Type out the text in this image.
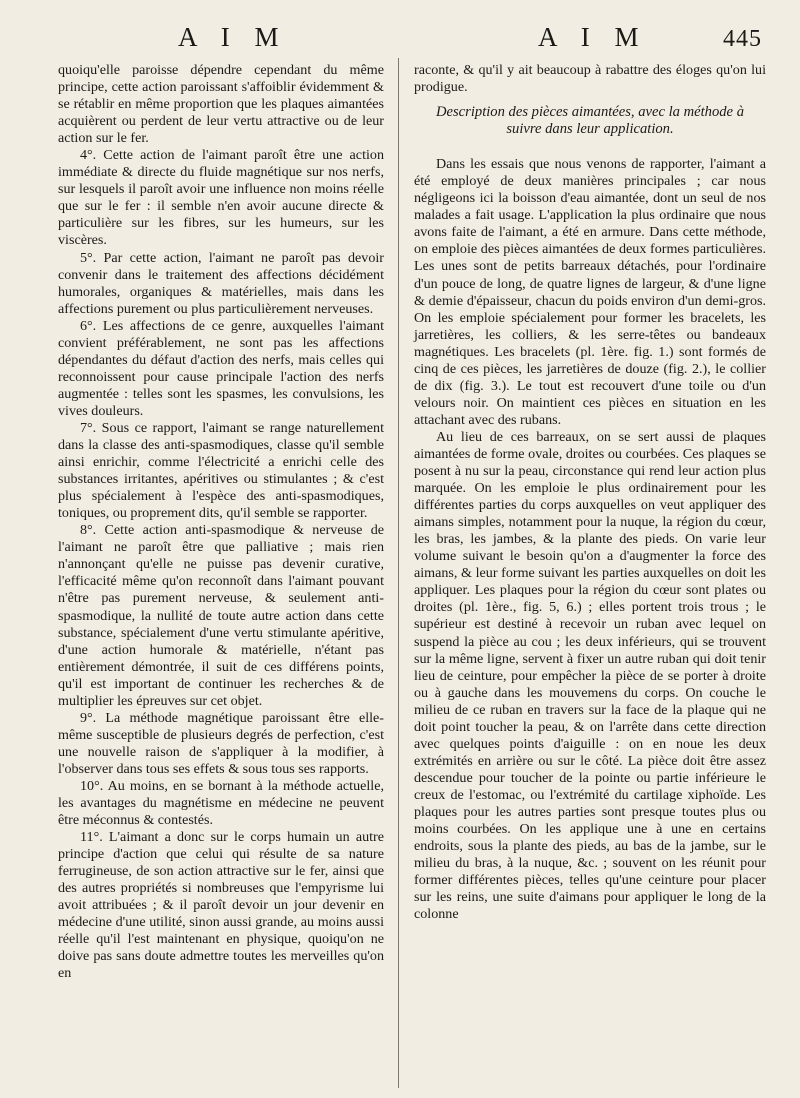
A I M	A I M	445

quoiqu'elle paroisse dépendre cependant du même principe, cette action paroissant s'affoiblir évidemment & se rétablir en même proportion que les plaques aimantées acquièrent ou perdent de leur vertu attractive ou de leur action sur le fer.

4°. Cette action de l'aimant paroît être une action immédiate & directe du fluide magnétique sur nos nerfs, sur lesquels il paroît avoir une influence non moins réelle que sur le fer : il semble n'en avoir aucune directe & particulière sur les fibres, sur les humeurs, sur les viscères.

5°. Par cette action, l'aimant ne paroît pas devoir convenir dans le traitement des affections décidément humorales, organiques & matérielles, mais dans les affections purement ou plus particulièrement nerveuses.

6°. Les affections de ce genre, auxquelles l'aimant convient préférablement, ne sont pas les affections dépendantes du défaut d'action des nerfs, mais celles qui reconnoissent pour cause principale l'action des nerfs augmentée : telles sont les spasmes, les convulsions, les vives douleurs.

7°. Sous ce rapport, l'aimant se range naturellement dans la classe des anti-spasmodiques, classe qu'il semble ainsi enrichir, comme l'électricité a enrichi celle des substances irritantes, apéritives ou stimulantes ; & c'est plus spécialement à l'espèce des anti-spasmodiques, toniques, ou proprement dits, qu'il semble se rapporter.

8°. Cette action anti-spasmodique & nerveuse de l'aimant ne paroît être que palliative ; mais rien n'annonçant qu'elle ne puisse pas devenir curative, l'efficacité même qu'on reconnoît dans l'aimant pouvant n'être pas purement nerveuse, & seulement anti-spasmodique, la nullité de toute autre action dans cette substance, spécialement d'une vertu stimulante apéritive, d'une action humorale & matérielle, n'étant pas entièrement démontrée, il suit de ces différens points, qu'il est important de continuer les recherches & de multiplier les épreuves sur cet objet.

9°. La méthode magnétique paroissant être elle-même susceptible de plusieurs degrés de perfection, c'est une nouvelle raison de s'appliquer à la modifier, à l'observer dans tous ses effets & sous tous ses rapports.

10°. Au moins, en se bornant à la méthode actuelle, les avantages du magnétisme en médecine ne peuvent être méconnus & contestés.

11°. L'aimant a donc sur le corps humain un autre principe d'action que celui qui résulte de sa nature ferrugineuse, de son action attractive sur le fer, ainsi que des autres propriétés si nombreuses que l'empyrisme lui avoit attribuées ; & il paroît devoir un jour devenir en médecine d'une utilité, sinon aussi grande, au moins aussi réelle qu'il l'est maintenant en physique, quoiqu'on ne doive pas sans doute admettre toutes les merveilles qu'on en

raconte, & qu'il y ait beaucoup à rabattre des éloges qu'on lui prodigue.

Description des pièces aimantées, avec la méthode à suivre dans leur application.

Dans les essais que nous venons de rapporter, l'aimant a été employé de deux manières principales ; car nous négligeons ici la boisson d'eau aimantée, dont un seul de nos malades a fait usage. L'application la plus ordinaire que nous avons faite de l'aimant, a été en armure. Dans cette méthode, on emploie des pièces aimantées de deux formes particulières. Les unes sont de petits barreaux détachés, pour l'ordinaire d'un pouce de long, de quatre lignes de largeur, & d'une ligne & demie d'épaisseur, chacun du poids environ d'un demi-gros. On les emploie spécialement pour former les bracelets, les jarretières, les colliers, & les serre-têtes ou bandeaux magnétiques. Les bracelets (pl. 1ère. fig. 1.) sont formés de cinq de ces pièces, les jarretières de douze (fig. 2.), le collier de dix (fig. 3.). Le tout est recouvert d'une toile ou d'un velours noir. On maintient ces pièces en situation en les attachant avec des rubans.

Au lieu de ces barreaux, on se sert aussi de plaques aimantées de forme ovale, droites ou courbées. Ces plaques se posent à nu sur la peau, circonstance qui rend leur action plus marquée. On les emploie le plus ordinairement pour les différentes parties du corps auxquelles on veut appliquer des aimans simples, notamment pour la nuque, la région du cœur, les bras, les jambes, & la plante des pieds. On varie leur volume suivant le besoin qu'on a d'augmenter la force des aimans, & leur forme suivant les parties auxquelles on doit les appliquer. Les plaques pour la région du cœur sont plates ou droites (pl. 1ère., fig. 5, 6.) ; elles portent trois trous ; le supérieur est destiné à recevoir un ruban avec lequel on suspend la pièce au cou ; les deux inférieurs, qui se trouvent sur la même ligne, servent à fixer un autre ruban qui doit tenir lieu de ceinture, pour empêcher la pièce de se porter à droite ou à gauche dans les mouvemens du corps. On couche le milieu de ce ruban en travers sur la face de la plaque qui ne doit point toucher la peau, & on l'arrête dans cette direction avec quelques points d'aiguille : on en noue les deux extrémités en arrière ou sur le côté. La pièce doit être assez descendue pour toucher de la pointe ou partie inférieure le creux de l'estomac, ou l'extrémité du cartilage xiphoïde. Les plaques pour les autres parties sont presque toutes plus ou moins courbées. On les applique une à une en certains endroits, sous la plante des pieds, au bas de la jambe, sur le milieu du bras, à la nuque, &c. ; souvent on les réunit pour former différentes pièces, telles qu'une ceinture pour placer sur les reins, une suite d'aimans pour appliquer le long de la colonne
